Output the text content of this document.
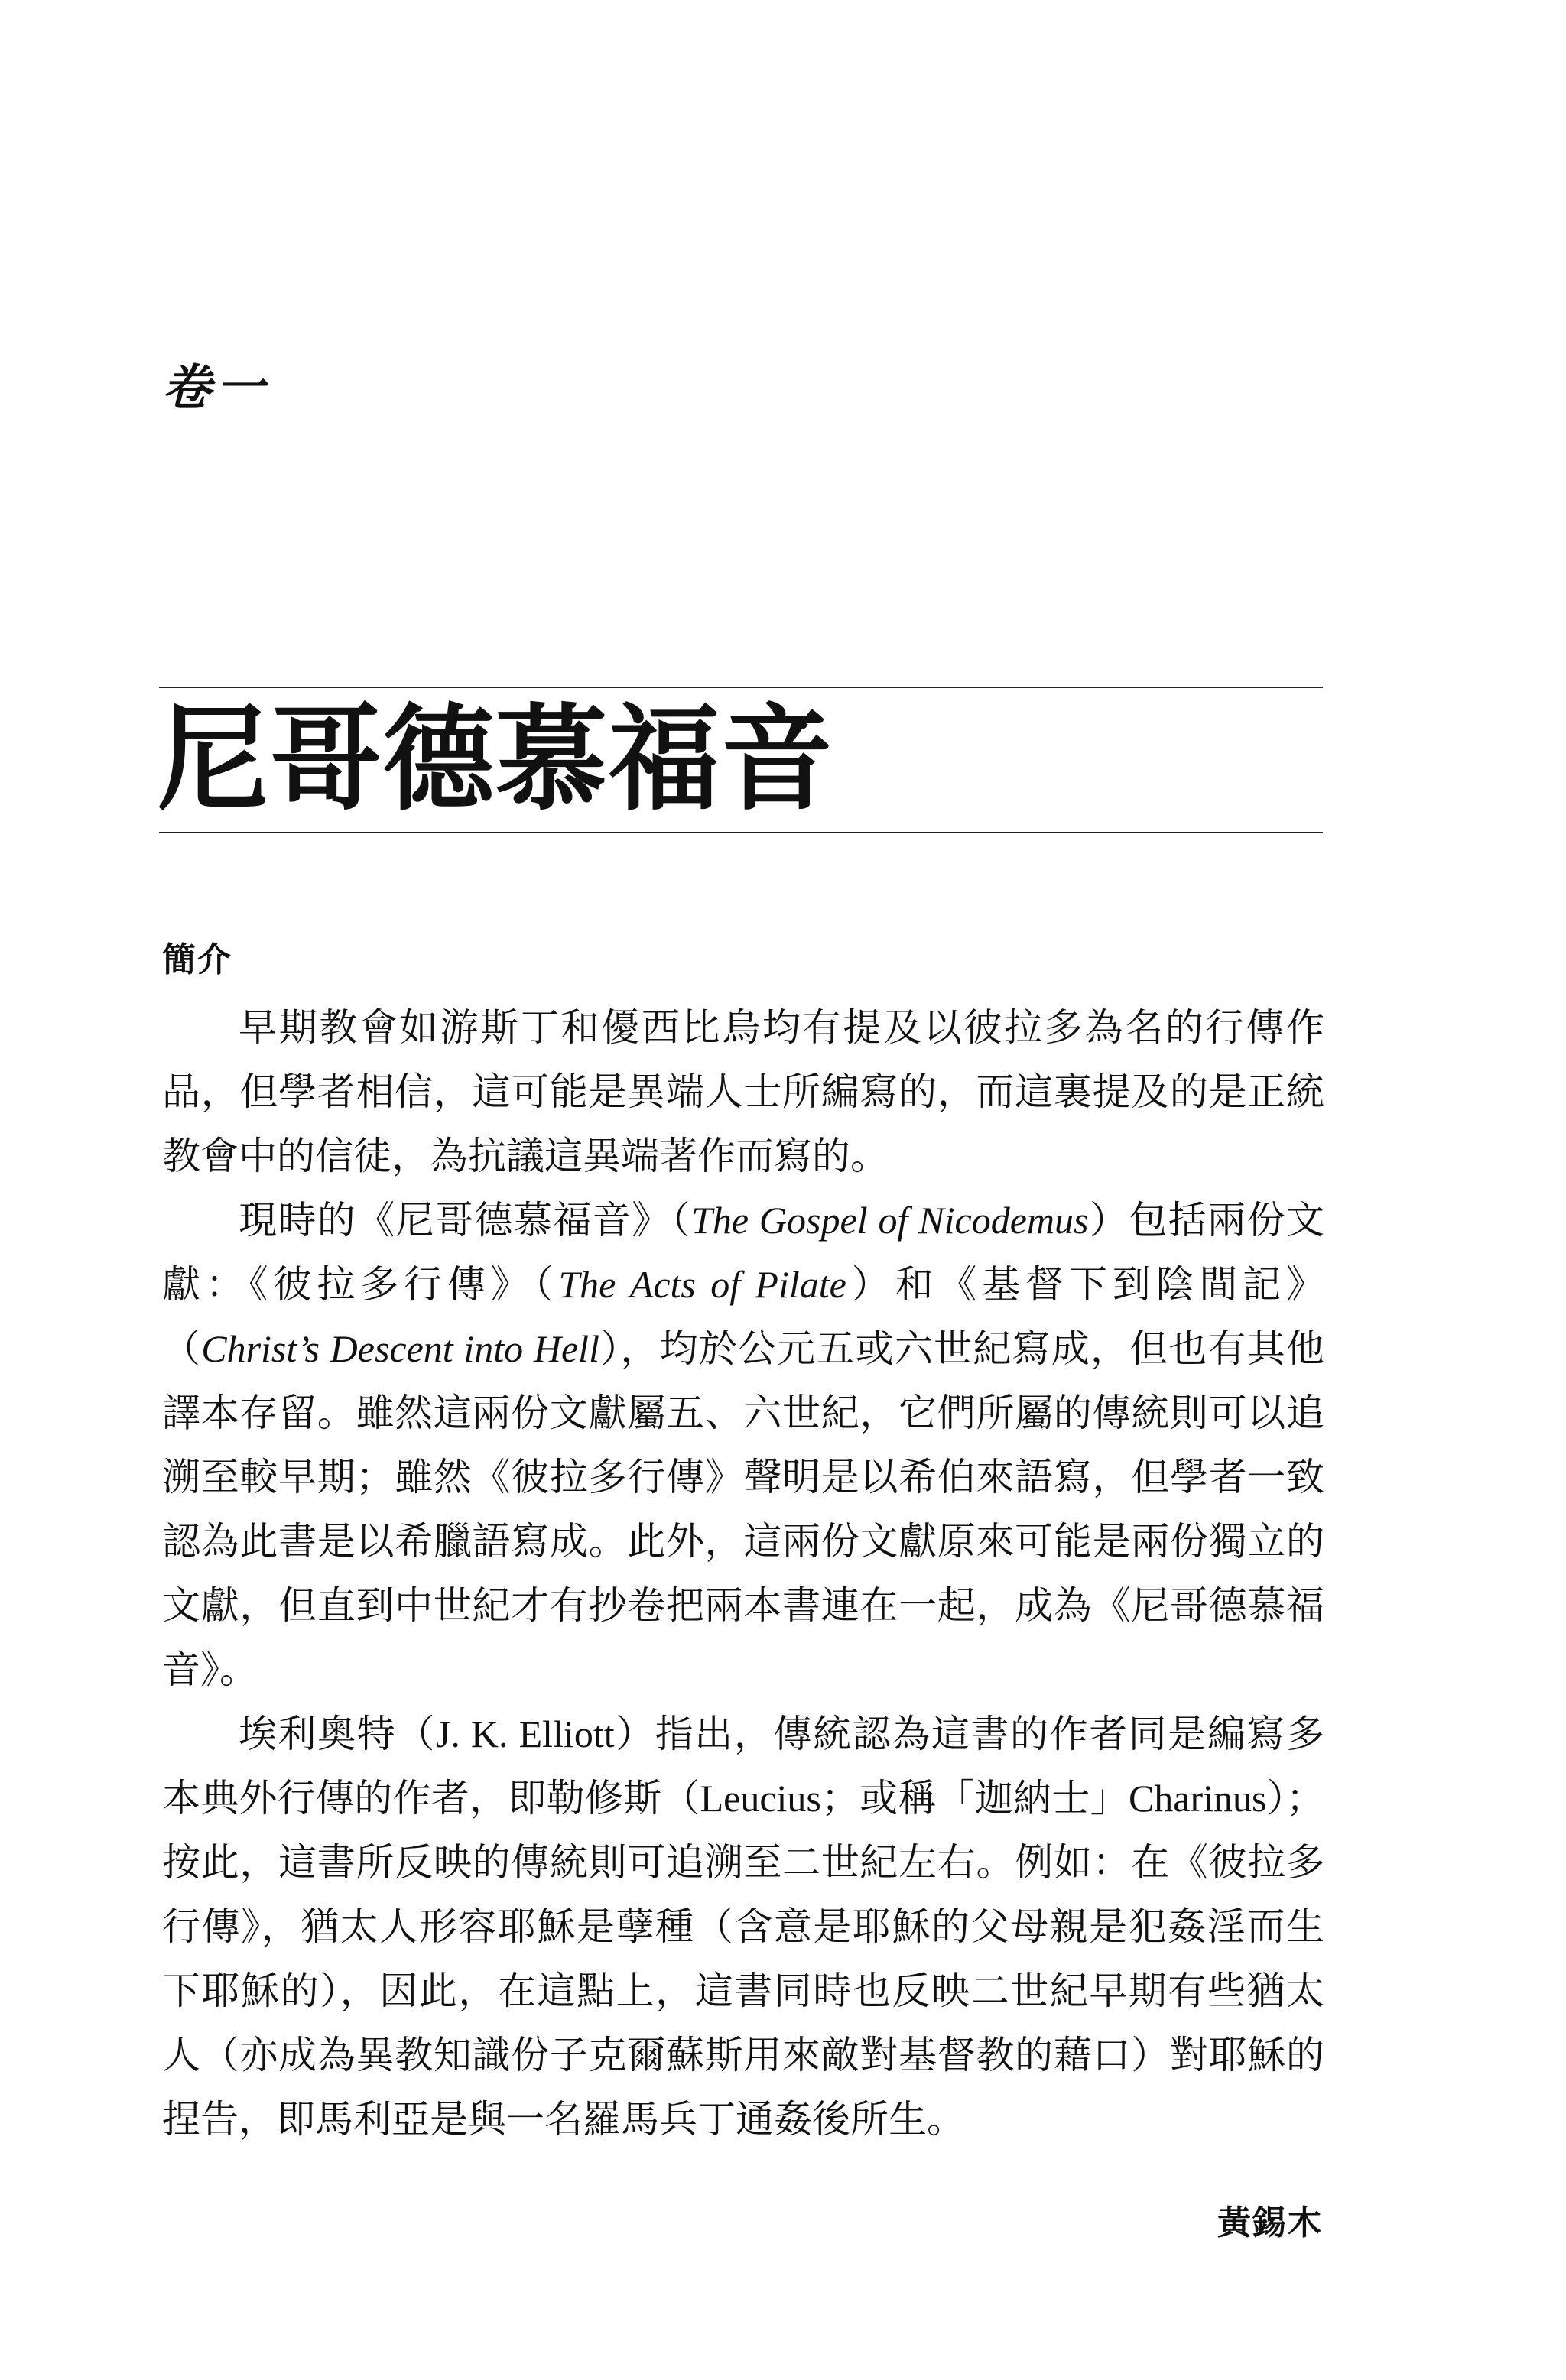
卷一
尼哥德慕福音
簡介

早期教會如游斯丁和優西比烏均有提及以彼拉多為名的行傳作品，但學者相信，這可能是異端人士所編寫的，而這裏提及的是正統教會中的信徒，為抗議這異端著作而寫的。

現時的《尼哥德慕福音》（The Gospel of Nicodemus）包括兩份文獻：《彼拉多行傳》（The Acts of Pilate）和《基督下到陰間記》（Christ’s Descent into Hell），均於公元五或六世紀寫成，但也有其他譯本存留。雖然這兩份文獻屬五、六世紀，它們所屬的傳統則可以追溯至較早期；雖然《彼拉多行傳》聲明是以希伯來語寫，但學者一致認為此書是以希臘語寫成。此外，這兩份文獻原來可能是兩份獨立的文獻，但直到中世紀才有抄卷把兩本書連在一起，成為《尼哥德慕福音》。

埃利奧特（J. K. Elliott）指出，傳統認為這書的作者同是編寫多本典外行傳的作者，即勒修斯（Leucius；或稱「迦納士」Charinus）；按此，這書所反映的傳統則可追溯至二世紀左右。例如：在《彼拉多行傳》，猶太人形容耶穌是孽種（含意是耶穌的父母親是犯姦淫而生下耶穌的），因此，在這點上，這書同時也反映二世紀早期有些猶太人（亦成為異教知識份子克爾蘇斯用來敵對基督教的藉口）對耶穌的捏告，即馬利亞是與一名羅馬兵丁通姦後所生。

黃錫木
